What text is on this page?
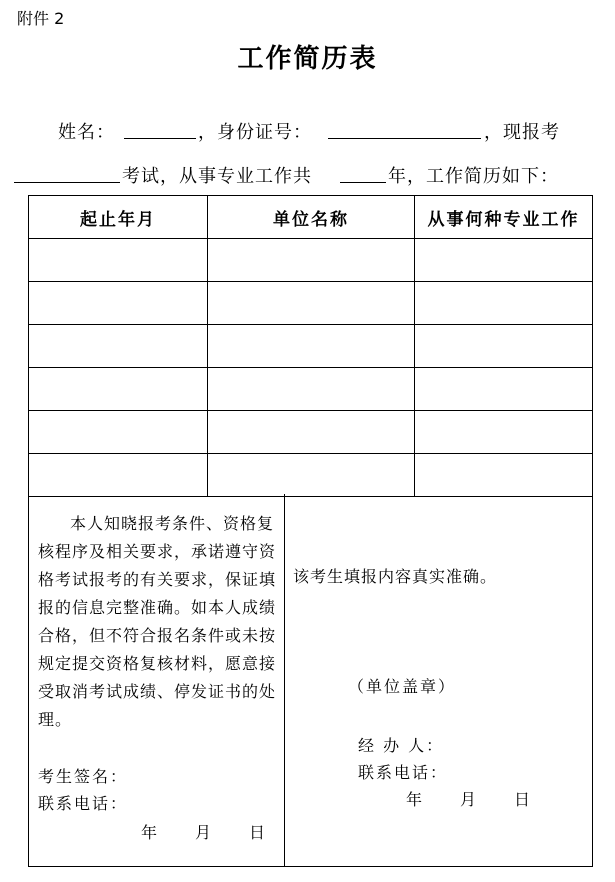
附件 2
工作简历表
姓名：	，身份证号：	，现报考
考试，从事专业工作共	年，工作简历如下：
起止年月	单位名称	从事何种专业工作

本人知晓报考条件、资格复核程序及相关要求，承诺遵守资格考试报考的有关要求，保证填报的信息完整准确。如本人成绩合格，但不符合报名条件或未按规定提交资格复核材料，愿意接受取消考试成绩、停发证书的处理。
考生签名：
联系电话：
年　　月　　日
该考生填报内容真实准确。
（单位盖章）
经 办 人：
联系电话：
年　　月　　日
